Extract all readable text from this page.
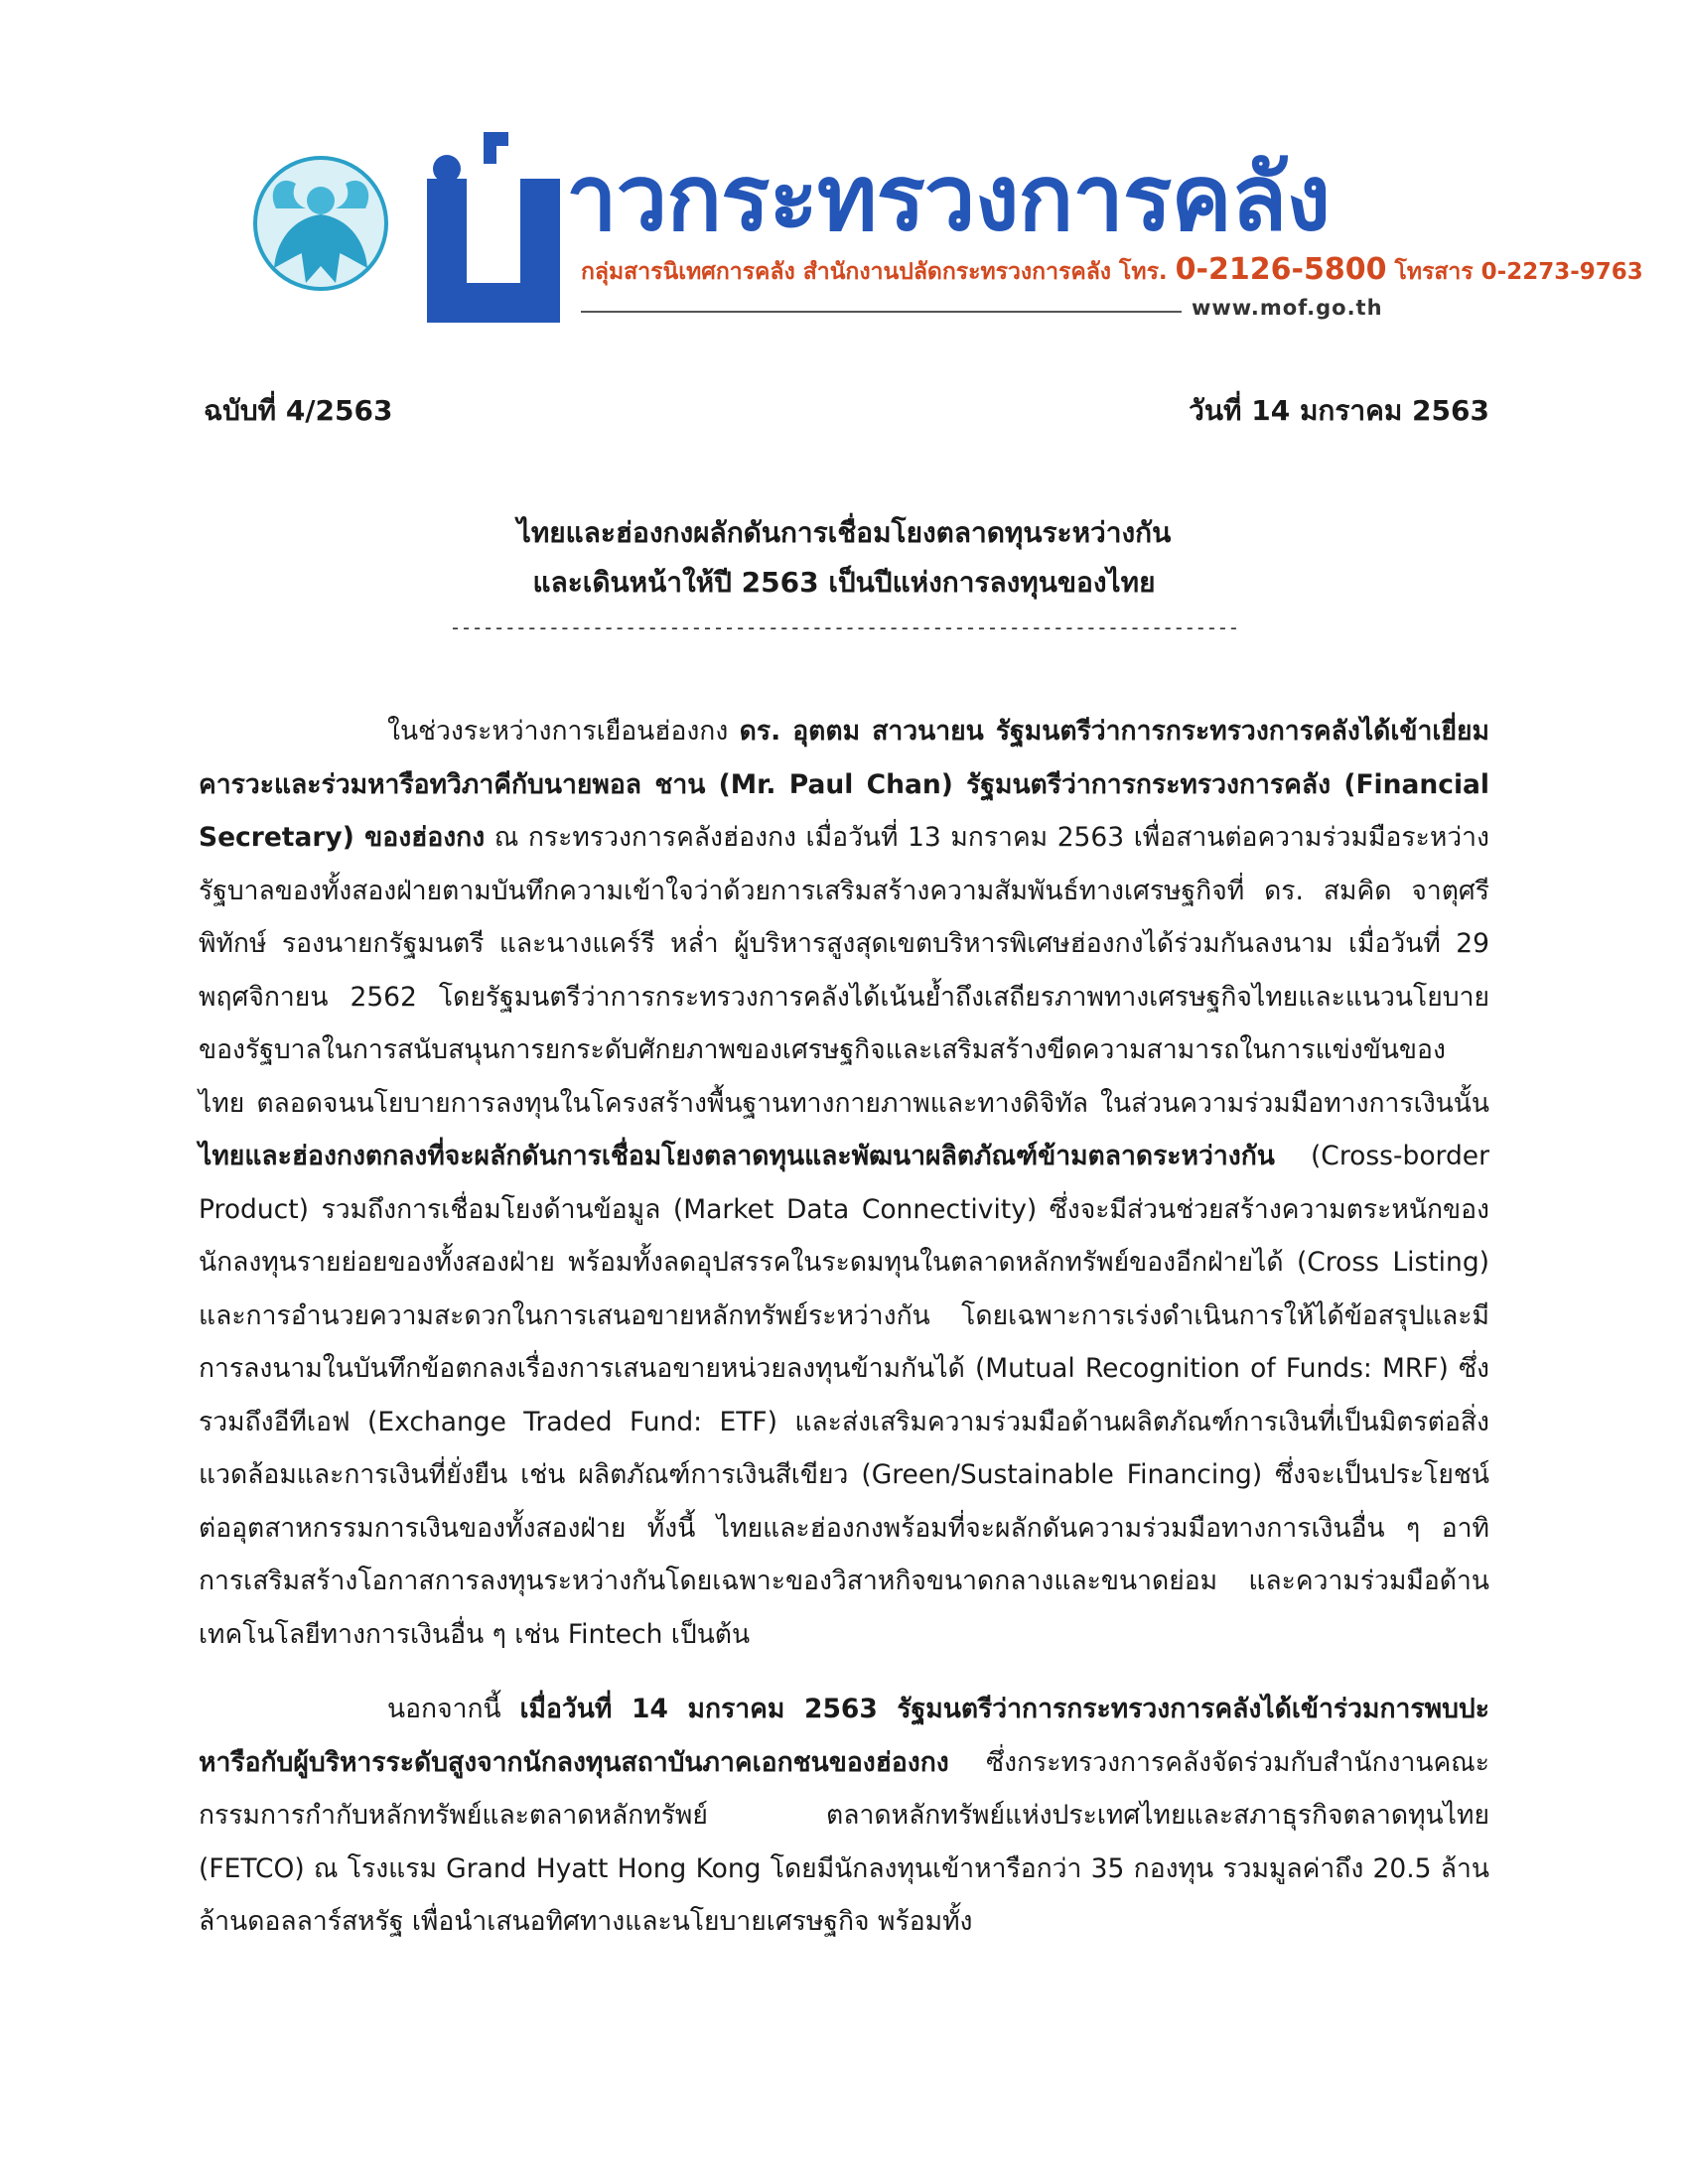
าวกระทรวงการคลัง

กลุ่มสารนิเทศการคลัง สำนักงานปลัดกระทรวงการคลัง โทร. 0-2126-5800 โทรสาร 0-2273-9763

www.mof.go.th

ฉบับที่ 4/2563	วันที่ 14 มกราคม 2563

ไทยและฮ่องกงผลักดันการเชื่อมโยงตลาดทุนระหว่างกัน
และเดินหน้าให้ปี 2563 เป็นปีแห่งการลงทุนของไทย

------------------------------------------------------------------------

ในช่วงระหว่างการเยือนฮ่องกง ดร. อุตตม สาวนายน รัฐมนตรีว่าการกระทรวงการคลังได้เข้าเยี่ยมคารวะและร่วมหารือทวิภาคีกับนายพอล ชาน (Mr. Paul Chan) รัฐมนตรีว่าการกระทรวงการคลัง (Financial Secretary) ของฮ่องกง ณ กระทรวงการคลังฮ่องกง เมื่อวันที่ 13 มกราคม 2563 เพื่อสานต่อความร่วมมือระหว่างรัฐบาลของทั้งสองฝ่ายตามบันทึกความเข้าใจว่าด้วยการเสริมสร้างความสัมพันธ์ทางเศรษฐกิจที่ ดร. สมคิด จาตุศรีพิทักษ์ รองนายกรัฐมนตรี และนางแคร์รี หล่ำ ผู้บริหารสูงสุดเขตบริหารพิเศษฮ่องกงได้ร่วมกันลงนาม เมื่อวันที่ 29 พฤศจิกายน 2562 โดยรัฐมนตรีว่าการกระทรวงการคลังได้เน้นย้ำถึงเสถียรภาพทางเศรษฐกิจไทยและแนวนโยบายของรัฐบาลในการสนับสนุนการยกระดับศักยภาพของเศรษฐกิจและเสริมสร้างขีดความสามารถในการแข่งขันของไทย ตลอดจนนโยบายการลงทุนในโครงสร้างพื้นฐานทางกายภาพและทางดิจิทัล ในส่วนความร่วมมือทางการเงินนั้น ไทยและฮ่องกงตกลงที่จะผลักดันการเชื่อมโยงตลาดทุนและพัฒนาผลิตภัณฑ์ข้ามตลาดระหว่างกัน (Cross-border Product) รวมถึงการเชื่อมโยงด้านข้อมูล (Market Data Connectivity) ซึ่งจะมีส่วนช่วยสร้างความตระหนักของนักลงทุนรายย่อยของทั้งสองฝ่าย พร้อมทั้งลดอุปสรรคในระดมทุนในตลาดหลักทรัพย์ของอีกฝ่ายได้ (Cross Listing) และการอำนวยความสะดวกในการเสนอขายหลักทรัพย์ระหว่างกัน โดยเฉพาะการเร่งดำเนินการให้ได้ข้อสรุปและมีการลงนามในบันทึกข้อตกลงเรื่องการเสนอขายหน่วยลงทุนข้ามกันได้ (Mutual Recognition of Funds: MRF) ซึ่งรวมถึงอีทีเอฟ (Exchange Traded Fund: ETF) และส่งเสริมความร่วมมือด้านผลิตภัณฑ์การเงินที่เป็นมิตรต่อสิ่งแวดล้อมและการเงินที่ยั่งยืน เช่น ผลิตภัณฑ์การเงินสีเขียว (Green/Sustainable Financing) ซึ่งจะเป็นประโยชน์ต่ออุตสาหกรรมการเงินของทั้งสองฝ่าย ทั้งนี้ ไทยและฮ่องกงพร้อมที่จะผลักดันความร่วมมือทางการเงินอื่น ๆ อาทิ การเสริมสร้างโอกาสการลงทุนระหว่างกันโดยเฉพาะของวิสาหกิจขนาดกลางและขนาดย่อม และความร่วมมือด้านเทคโนโลยีทางการเงินอื่น ๆ เช่น Fintech เป็นต้น

นอกจากนี้ เมื่อวันที่ 14 มกราคม 2563 รัฐมนตรีว่าการกระทรวงการคลังได้เข้าร่วมการพบปะหารือกับผู้บริหารระดับสูงจากนักลงทุนสถาบันภาคเอกชนของฮ่องกง ซึ่งกระทรวงการคลังจัดร่วมกับสำนักงานคณะกรรมการกำกับหลักทรัพย์และตลาดหลักทรัพย์ ตลาดหลักทรัพย์แห่งประเทศไทยและสภาธุรกิจตลาดทุนไทย (FETCO) ณ โรงแรม Grand Hyatt Hong Kong โดยมีนักลงทุนเข้าหารือกว่า 35 กองทุน รวมมูลค่าถึง 20.5 ล้านล้านดอลลาร์สหรัฐ เพื่อนำเสนอทิศทางและนโยบายเศรษฐกิจ พร้อมทั้ง
